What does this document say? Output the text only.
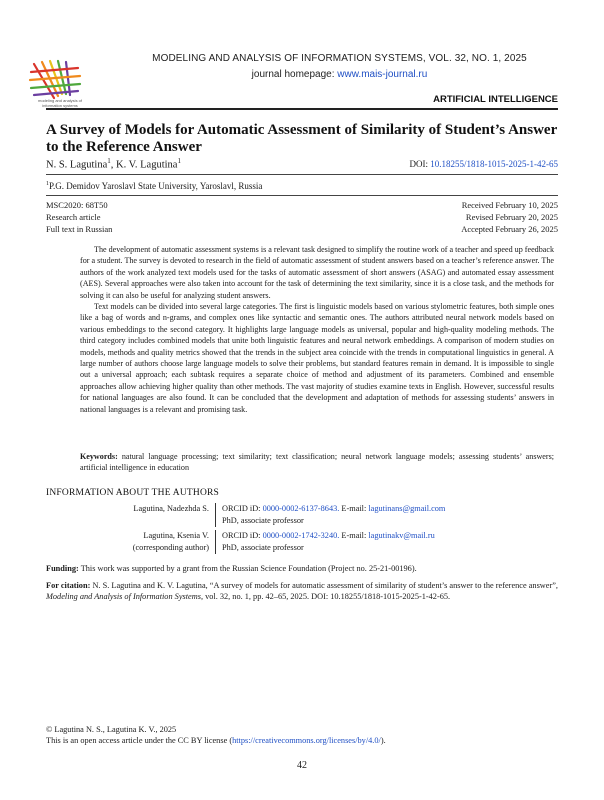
modeling and analysis of information systems
MODELING AND ANALYSIS OF INFORMATION SYSTEMS, VOL. 32, NO. 1, 2025
journal homepage: www.mais-journal.ru
ARTIFICIAL INTELLIGENCE
A Survey of Models for Automatic Assessment of Similarity of Student’s Answer to the Reference Answer
N. S. Lagutina$^1$, K. V. Lagutina$^1$	DOI: 10.18255/1818-1015-2025-1-42-65
$^1$P.G. Demidov Yaroslavl State University, Yaroslavl, Russia
MSC2020: 68T50
Research article
Full text in Russian
Received February 10, 2025
Revised February 20, 2025
Accepted February 26, 2025

The development of automatic assessment systems is a relevant task designed to simplify the routine work of a teacher and speed up feedback for a student. The survey is devoted to research in the field of automatic assessment of student answers based on a teacher’s reference answer. The authors of the work analyzed text models used for the tasks of automatic assessment of short answers (ASAG) and automated essay assessment (AES). Several approaches were also taken into account for the task of determining the text similarity, since it is a close task, and the methods for solving it can also be useful for analyzing student answers.

Text models can be divided into several large categories. The first is linguistic models based on various stylometric features, both simple ones like a bag of words and n-grams, and complex ones like syntactic and semantic ones. The authors attributed neural network models based on various embeddings to the second category. It highlights large language models as universal, popular and high-quality modeling methods. The third category includes combined models that unite both linguistic features and neural network embeddings. A comparison of modern studies on models, methods and quality metrics showed that the trends in the subject area coincide with the trends in computational linguistics in general. A large number of authors choose large language models to solve their problems, but standard features remain in demand. It is impossible to single out a universal approach; each subtask requires a separate choice of method and adjustment of its parameters. Combined and ensemble approaches allow achieving higher quality than other methods. The vast majority of studies examine texts in English. However, successful results for national languages are also found. It can be concluded that the development and adaptation of methods for assessing students’ answers in national languages is a relevant and promising task.

Keywords: natural language processing; text similarity; text classification; neural network language models; assessing students’ answers; artificial intelligence in education
INFORMATION ABOUT THE AUTHORS
Lagutina, Nadezhda S. ORCID iD: 0000-0002-6137-8643. E-mail: lagutinans@gmail.com
PhD, associate professor
Lagutina, Ksenia V.
(corresponding author)
ORCID iD: 0000-0002-1742-3240. E-mail: lagutinakv@mail.ru
PhD, associate professor
Funding: This work was supported by a grant from the Russian Science Foundation (Project no. 25-21-00196).
For citation: N. S. Lagutina and K. V. Lagutina, “A survey of models for automatic assessment of similarity of student’s answer to the reference answer”, Modeling and Analysis of Information Systems, vol. 32, no. 1, pp. 42–65, 2025. DOI: 10.18255/1818-1015-2025-1-42-65.
© Lagutina N. S., Lagutina K. V., 2025
This is an open access article under the CC BY license (https://creativecommons.org/licenses/by/4.0/).
42
